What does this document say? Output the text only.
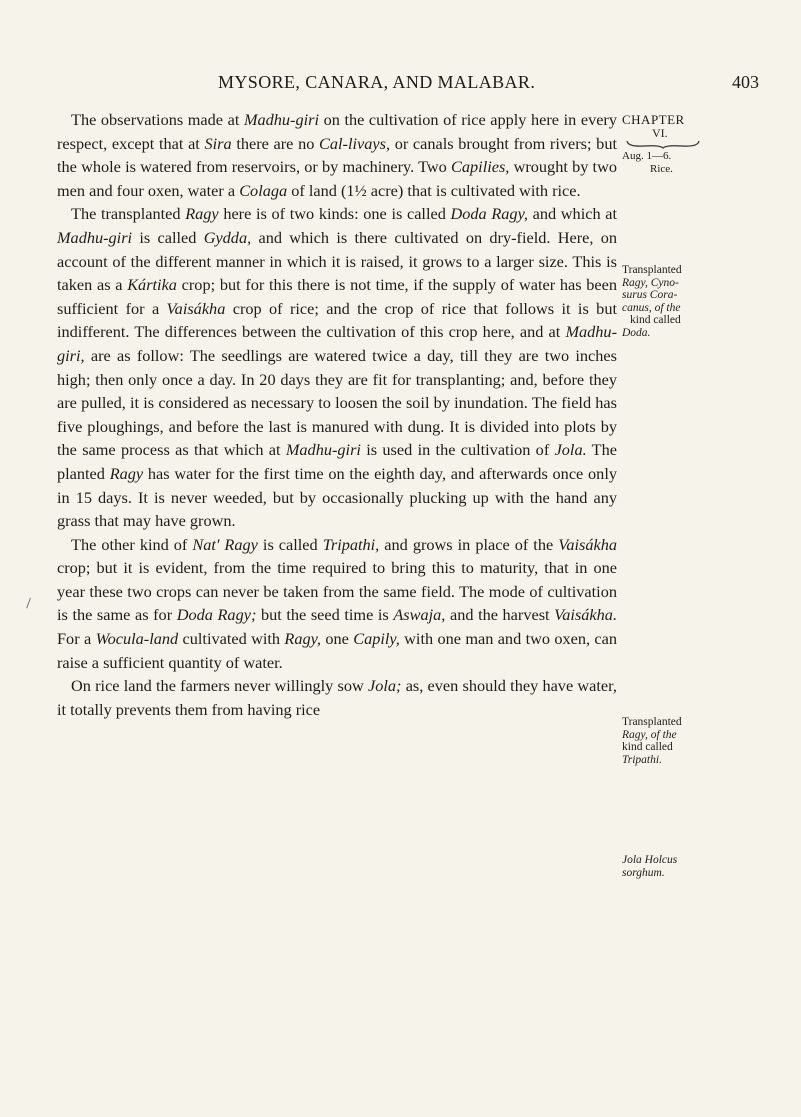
MYSORE, CANARA, AND MALABAR.	403

The observations made at Madhu-giri on the cultivation of rice apply here in every respect, except that at Sira there are no Cal-livays, or canals brought from rivers; but the whole is watered from reservoirs, or by machinery. Two Capilies, wrought by two men and four oxen, water a Colaga of land (1½ acre) that is cultivated with rice.

The transplanted Ragy here is of two kinds: one is called Doda Ragy, and which at Madhu-giri is called Gydda, and which is there cultivated on dry-field. Here, on account of the different manner in which it is raised, it grows to a larger size. This is taken as a Kártika crop; but for this there is not time, if the supply of water has been sufficient for a Vaisákha crop of rice; and the crop of rice that follows it is but indifferent. The differences between the cultivation of this crop here, and at Madhu-giri, are as follow: The seedlings are watered twice a day, till they are two inches high; then only once a day. In 20 days they are fit for transplanting; and, before they are pulled, it is considered as necessary to loosen the soil by inundation. The field has five ploughings, and before the last is manured with dung. It is divided into plots by the same process as that which at Madhu-giri is used in the cultivation of Jola. The planted Ragy has water for the first time on the eighth day, and afterwards once only in 15 days. It is never weeded, but by occasionally plucking up with the hand any grass that may have grown.

The other kind of Nat' Ragy is called Tripathi, and grows in place of the Vaisákha crop; but it is evident, from the time required to bring this to maturity, that in one year these two crops can never be taken from the same field. The mode of cultivation is the same as for Doda Ragy; but the seed time is Aswaja, and the harvest Vaisákha. For a Wocula-land cultivated with Ragy, one Capily, with one man and two oxen, can raise a sufficient quantity of water.

On rice land the farmers never willingly sow Jola; as, even should they have water, it totally prevents them from having rice

CHAPTER
VI.
Aug. 1—6.
Rice.
Transplanted
Ragy, Cyno-
surus Cora-
canus, of the
kind called
Doda.
Transplanted
Ragy, of the
kind called
Tripathi.
Jola Holcus
sorghum.
